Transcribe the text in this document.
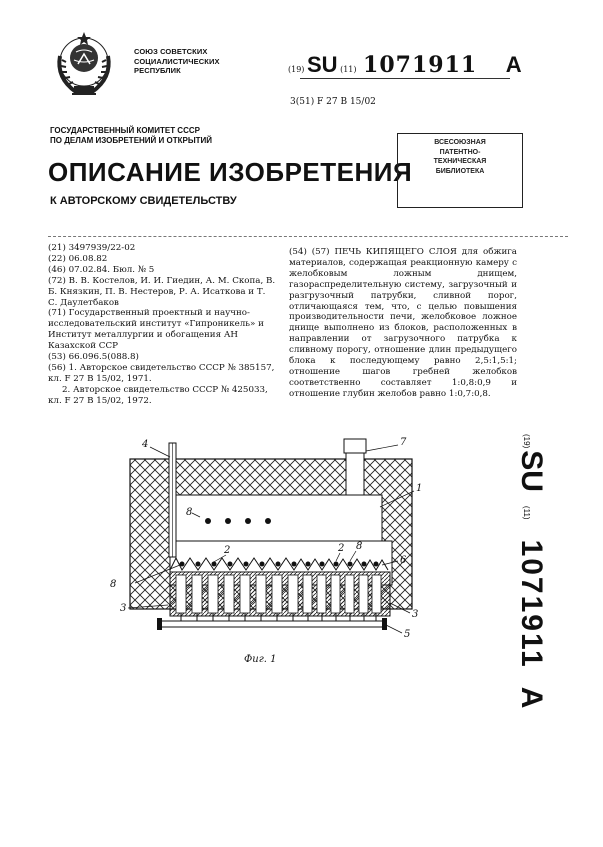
СОЮЗ СОВЕТСКИХ
СОЦИАЛИСТИЧЕСКИХ
РЕСПУБЛИК	(19) SU (11) 1071911 A
3(51) F 27 B 15/02
ГОСУДАРСТВЕННЫЙ КОМИТЕТ СССР
ПО ДЕЛАМ ИЗОБРЕТЕНИЙ И ОТКРЫТИЙ
ОПИСАНИЕ ИЗОБРЕТЕНИЯ
К АВТОРСКОМУ СВИДЕТЕЛЬСТВУ
ВСЕСОЮЗНАЯ
ПАТЕНТНО-
ТЕХНИЧЕСКАЯ
БИБЛИОТЕКА

(21) 3497939/22-02

(22) 06.08.82

(46) 07.02.84. Бюл. № 5

(72) В. В. Костелов, И. И. Гиедин, А. М. Скопа, В. Б. Князкин, П. В. Нестеров, Р. А. Исаткова и Т. С. Даулетбаков

(71) Государственный проектный и научно-исследовательский институт «Гипроникель» и Институт металлургии и обогащения АН Казахской ССР

(53) 66.096.5(088.8)

(56) 1. Авторское свидетельство СССР № 385157, кл. F 27 B 15/02, 1971.

2. Авторское свидетельство СССР № 425033, кл. F 27 B 15/02, 1972.

(54) (57) ПЕЧЬ КИПЯЩЕГО СЛОЯ для обжига материалов, содержащая реакционную камеру с желобковым ложным днищем, газораспределительную систему, загрузочный и разгрузочный патрубки, сливной порог, отличающаяся тем, что, с целью повышения производительности печи, желобковое ложное днище выполнено из блоков, расположенных в направлении от загрузочного патрубка к сливному порогу, отношение длин предыдущего блока к последующему равно 2,5:1,5:1; отношение шагов гребней желобков соответственно составляет 1:0,8:0,9 и отношение глубин желобов равно 1:0,7:0,8.

(19)SU(11)1071911A
4	7
1
8
2	2 8
6
8
3
3
5
Фиг. 1
